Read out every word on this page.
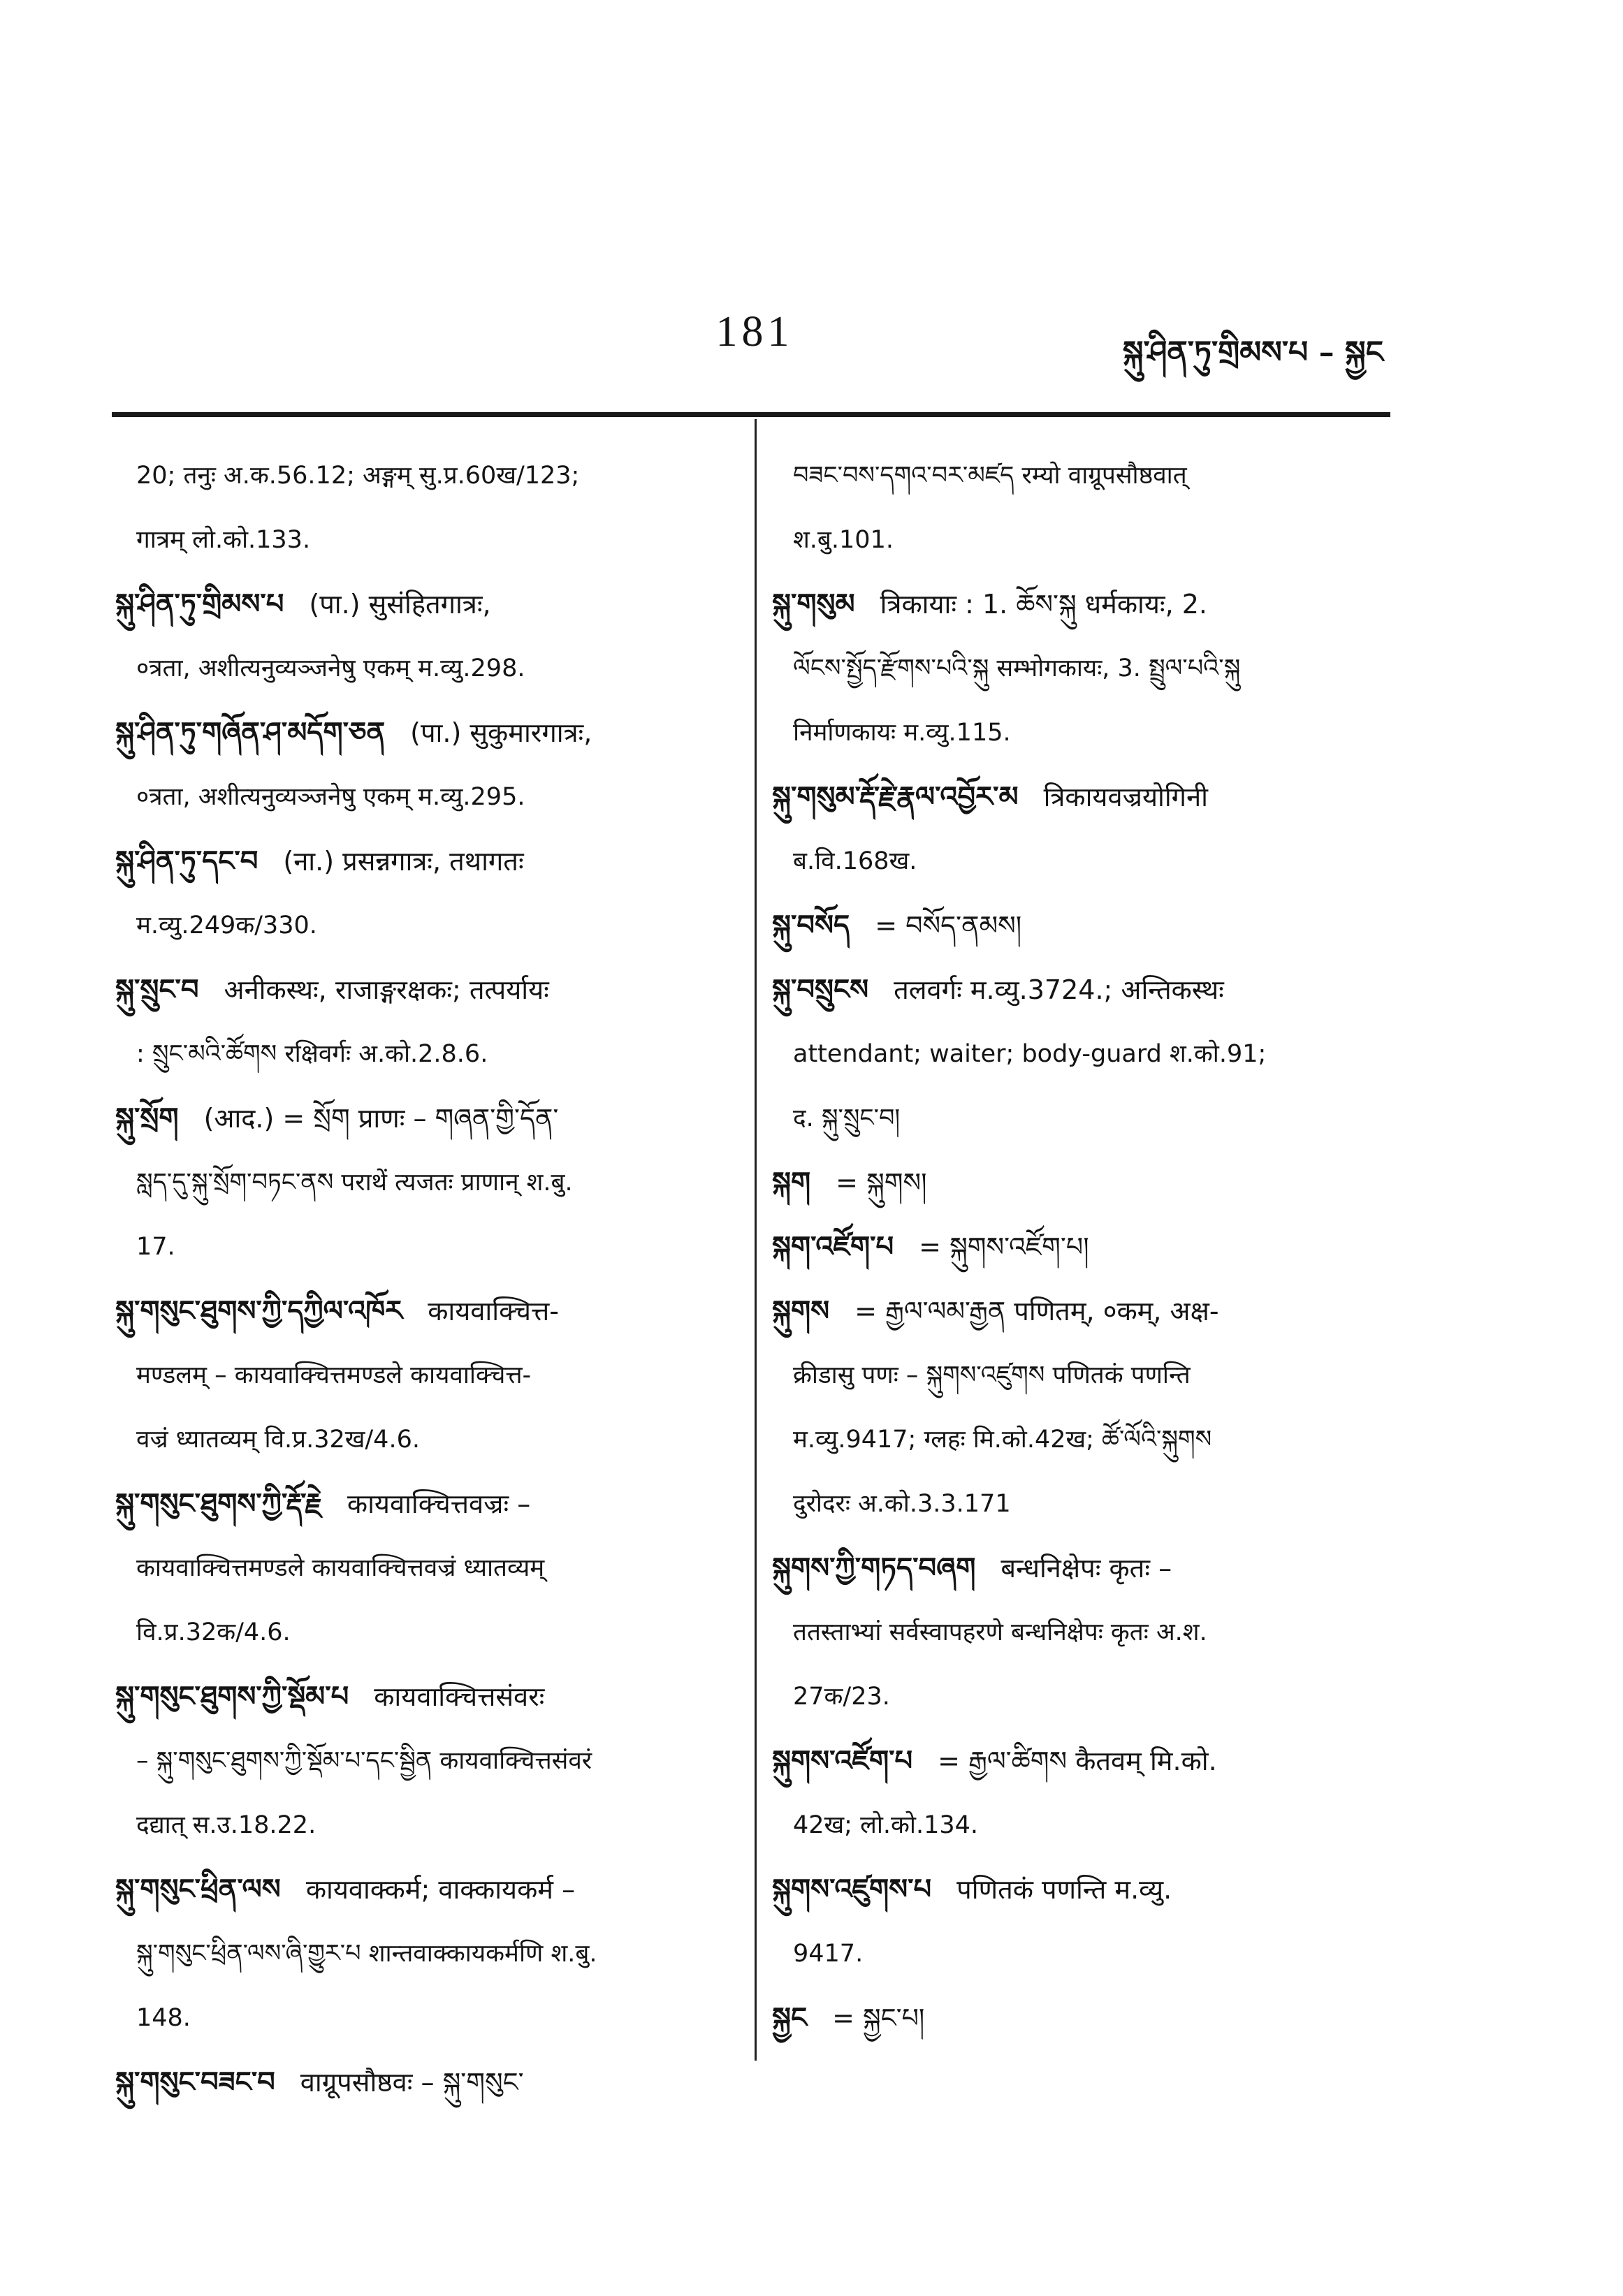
181	སྐུ་ཤིན་ཏུ་གྲིམས་པ – སྐྱང
20; तनुः अ.क.56.12; अङ्गम् सु.प्र.60ख/123;
गात्रम् लो.को.133.
སྐུ་ཤིན་ཏུ་གྲིམས་པ (पा.) सुसंहितगात्रः,
०त्रता, अशीत्यनुव्यञ्जनेषु एकम् म.व्यु.298.
སྐུ་ཤིན་ཏུ་གཞོན་ཤ་མདོག་ཅན (पा.) सुकुमारगात्रः,
०त्रता, अशीत्यनुव्यञ्जनेषु एकम् म.व्यु.295.
སྐུ་ཤིན་ཏུ་དང་བ (ना.) प्रसन्नगात्रः, तथागतः
म.व्यु.249क/330.
སྐུ་སྲུང་བ अनीकस्थः, राजाङ्गरक्षकः; तत्पर्यायः
: སྲུང་མའི་ཚོགས रक्षिवर्गः अ.को.2.8.6.
སྐུ་སྲོག (आद.) = སྲོག प्राणः – གཞན་གྱི་དོན་
སླད་དུ་སྐུ་སྲོག་བཏང་ནས पराथें त्यजतः प्राणान् श.बु.
17.
སྐུ་གསུང་ཐུགས་ཀྱི་དཀྱིལ་འཁོར कायवाक्चित्त-
मण्डलम् – कायवाक्चित्तमण्डले कायवाक्चित्त-
वज्रं ध्यातव्यम् वि.प्र.32ख/4.6.
སྐུ་གསུང་ཐུགས་ཀྱི་རྡོ་རྗེ कायवाक्चित्तवज्रः –
कायवाक्चित्तमण्डले कायवाक्चित्तवज्रं ध्यातव्यम्
वि.प्र.32क/4.6.
སྐུ་གསུང་ཐུགས་ཀྱི་སྡོམ་པ कायवाक्चित्तसंवरः
– སྐུ་གསུང་ཐུགས་ཀྱི་སྡོམ་པ་དང་སྦྱིན कायवाक्चित्तसंवरं
दद्यात् स.उ.18.22.
སྐུ་གསུང་ཕྲིན་ལས कायवाक्कर्म; वाक्कायकर्म –
སྐུ་གསུང་ཕྲིན་ལས་ཞི་གྱུར་པ शान्तवाक्कायकर्मणि श.बु.
148.
སྐུ་གསུང་བཟང་བ वाग्रूपसौष्ठवः – སྐུ་གསུང་
བཟང་བས་དགའ་བར་མཛད रम्यो वाग्रूपसौष्ठवात्
श.बु.101.
སྐུ་གསུམ त्रिकायाः : 1. ཆོས་སྐུ धर्मकायः, 2.
ལོངས་སྤྱོད་རྫོགས་པའི་སྐུ सम्भोगकायः, 3. སྤྲུལ་པའི་སྐུ
निर्माणकायः म.व्यु.115.
སྐུ་གསུམ་རྡོ་རྗེ་རྣལ་འབྱོར་མ त्रिकायवज्रयोगिनी
ब.वि.168ख.
སྐུ་བསོད = བསོད་ནམས།
སྐུ་བསྲུངས तलवर्गः म.व्यु.3724.; अन्तिकस्थः
attendant; waiter; body-guard श.को.91;
द. སྐུ་སྲུང་བ།
སྐག = སྐུགས།
སྐག་འཛོག་པ = སྐུགས་འཛོག་པ།
སྐུགས = རྒྱལ་ལམ་རྒྱན पणितम्, ०कम्, अक्ष-
क्रीडासु पणः – སྐུགས་འཛུགས पणितकं पणन्ति
म.व्यु.9417; ग्लहः मि.को.42ख; ཚོ་ལོའི་སྐུགས
दुरोदरः अ.को.3.3.171
སྐུགས་ཀྱི་གཏད་བཞག बन्धनिक्षेपः कृतः –
ततस्ताभ्यां सर्वस्वापहरणे बन्धनिक्षेपः कृतः अ.श.
27क/23.
སྐུགས་འཛོག་པ = རྒྱལ་ཚིགས कैतवम् मि.को.
42ख; लो.को.134.
སྐུགས་འཛུགས་པ पणितकं पणन्ति म.व्यु.
9417.
སྐྱང = སྐྱང་པ།
